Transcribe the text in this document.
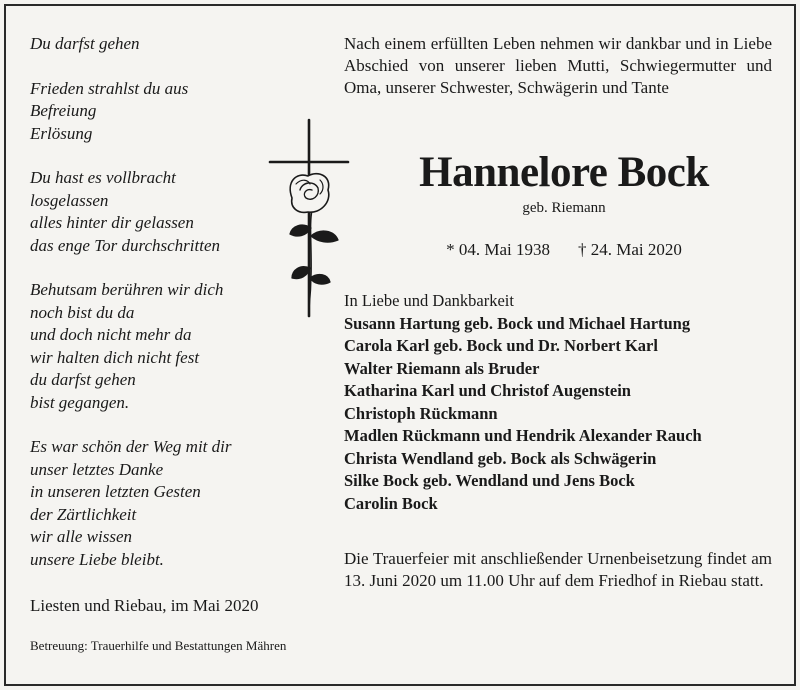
Du darfst gehen
Frieden strahlst du aus
Befreiung
Erlösung
Du hast es vollbracht
losgelassen
alles hinter dir gelassen
das enge Tor durchschritten
Behutsam berühren wir dich
noch bist du da
und doch nicht mehr da
wir halten dich nicht fest
du darfst gehen
bist gegangen.
Es war schön der Weg mit dir
unser letztes Danke
in unseren letzten Gesten
der Zärtlichkeit
wir alle wissen
unsere Liebe bleibt.
Liesten und Riebau, im Mai 2020
Betreuung: Trauerhilfe und Bestattungen Mähren
Nach einem erfüllten Leben nehmen wir dankbar und in Liebe Abschied von unserer lieben Mutti, Schwiegermutter und Oma, unserer Schwester, Schwägerin und Tante
Hannelore Bock
geb. Riemann
* 04. Mai 1938 † 24. Mai 2020
In Liebe und Dankbarkeit
Susann Hartung geb. Bock und Michael Hartung
Carola Karl geb. Bock und Dr. Norbert Karl
Walter Riemann als Bruder
Katharina Karl und Christof Augenstein
Christoph Rückmann
Madlen Rückmann und Hendrik Alexander Rauch
Christa Wendland geb. Bock als Schwägerin
Silke Bock geb. Wendland und Jens Bock
Carolin Bock
Die Trauerfeier mit anschließender Urnenbeisetzung findet am 13. Juni 2020 um 11.00 Uhr auf dem Friedhof in Riebau statt.
